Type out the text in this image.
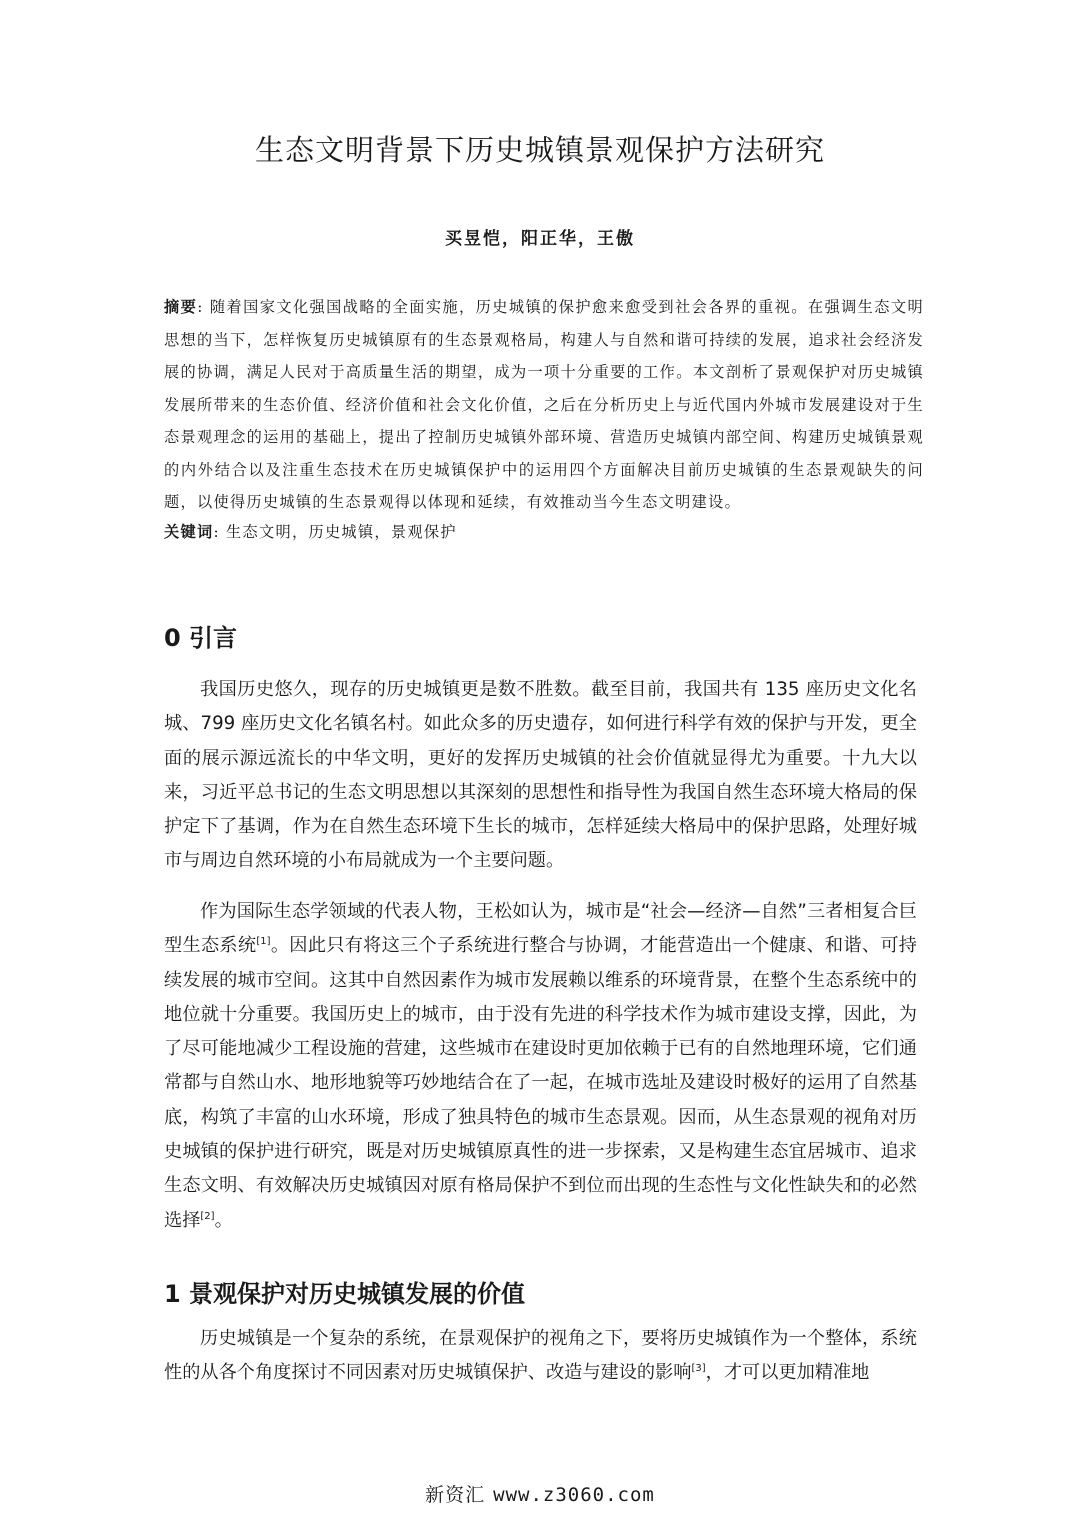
生态文明背景下历史城镇景观保护方法研究
买昱恺，阳正华，王傲
摘要: 随着国家文化强国战略的全面实施，历史城镇的保护愈来愈受到社会各界的重视。在强调生态文明思想的当下，怎样恢复历史城镇原有的生态景观格局，构建人与自然和谐可持续的发展，追求社会经济发展的协调，满足人民对于高质量生活的期望，成为一项十分重要的工作。本文剖析了景观保护对历史城镇发展所带来的生态价值、经济价值和社会文化价值，之后在分析历史上与近代国内外城市发展建设对于生态景观理念的运用的基础上，提出了控制历史城镇外部环境、营造历史城镇内部空间、构建历史城镇景观的内外结合以及注重生态技术在历史城镇保护中的运用四个方面解决目前历史城镇的生态景观缺失的问题，以使得历史城镇的生态景观得以体现和延续，有效推动当今生态文明建设。
关键词: 生态文明，历史城镇，景观保护
0 引言
我国历史悠久，现存的历史城镇更是数不胜数。截至目前，我国共有 135 座历史文化名城、799 座历史文化名镇名村。如此众多的历史遗存，如何进行科学有效的保护与开发，更全面的展示源远流长的中华文明，更好的发挥历史城镇的社会价值就显得尤为重要。十九大以来，习近平总书记的生态文明思想以其深刻的思想性和指导性为我国自然生态环境大格局的保护定下了基调，作为在自然生态环境下生长的城市，怎样延续大格局中的保护思路，处理好城市与周边自然环境的小布局就成为一个主要问题。
作为国际生态学领域的代表人物，王松如认为，城市是“社会—经济—自然”三者相复合巨型生态系统[1]。因此只有将这三个子系统进行整合与协调，才能营造出一个健康、和谐、可持续发展的城市空间。这其中自然因素作为城市发展赖以维系的环境背景，在整个生态系统中的地位就十分重要。我国历史上的城市，由于没有先进的科学技术作为城市建设支撑，因此，为了尽可能地减少工程设施的营建，这些城市在建设时更加依赖于已有的自然地理环境，它们通常都与自然山水、地形地貌等巧妙地结合在了一起，在城市选址及建设时极好的运用了自然基底，构筑了丰富的山水环境，形成了独具特色的城市生态景观。因而，从生态景观的视角对历史城镇的保护进行研究，既是对历史城镇原真性的进一步探索，又是构建生态宜居城市、追求生态文明、有效解决历史城镇因对原有格局保护不到位而出现的生态性与文化性缺失和的必然选择[2]。
1 景观保护对历史城镇发展的价值
历史城镇是一个复杂的系统，在景观保护的视角之下，要将历史城镇作为一个整体，系统性的从各个角度探讨不同因素对历史城镇保护、改造与建设的影响[3]，才可以更加精准地
新资汇 www.z3060.com
